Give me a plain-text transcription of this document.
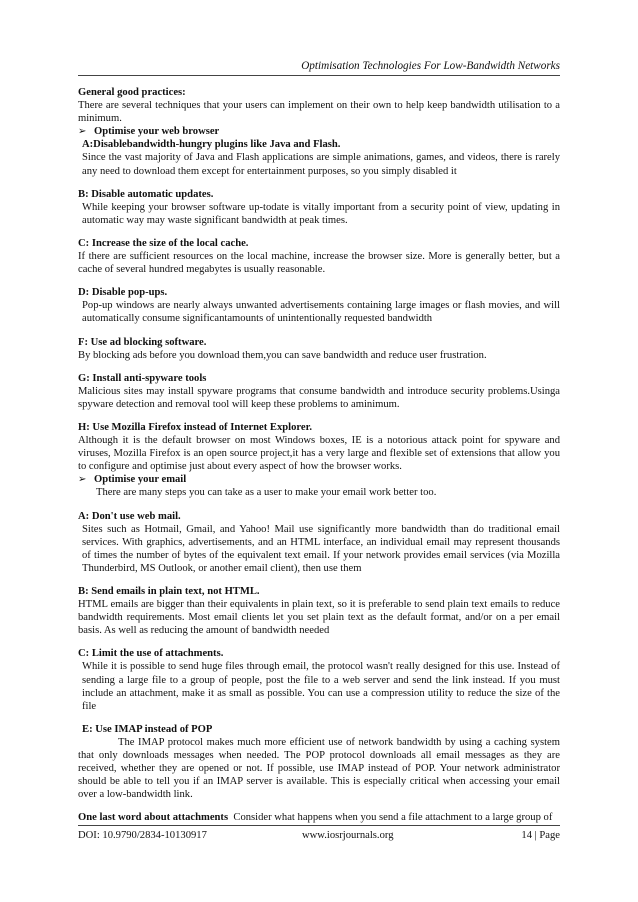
Optimisation Technologies For Low-Bandwidth Networks

General good practices:

There are several techniques that your users can implement on their own to help keep bandwidth utilisation to a minimum.

➢ Optimise your web browser

A:Disablebandwidth-hungry plugins like Java and Flash.

Since the vast majority of Java and Flash applications are simple animations, games, and videos, there is rarely any need to download them except for entertainment purposes, so you simply disabled it

B: Disable automatic updates.

While keeping your browser software up-todate is vitally important from a security point of view, updating in automatic way may waste significant bandwidth at peak times.

C: Increase the size of the local cache.

If there are sufficient resources on the local machine, increase the browser size. More is generally better, but a cache of several hundred megabytes is usually reasonable.

D: Disable pop-ups.

Pop-up windows are nearly always unwanted advertisements containing large images or flash movies, and will automatically consume significantamounts of unintentionally requested bandwidth

F: Use ad blocking software.

By blocking ads before you download them,you can save bandwidth and reduce user frustration.

G: Install anti-spyware tools

Malicious sites may install spyware programs that consume bandwidth and introduce security problems.Usinga spyware detection and removal tool will keep these problems to aminimum.

H: Use Mozilla Firefox instead of Internet Explorer.

Although it is the default browser on most Windows boxes, IE is a notorious attack point for spyware and viruses, Mozilla Firefox is an open source project,it has a very large and flexible set of extensions that allow you to configure and optimise just about every aspect of how the browser works.

➢ Optimise your email

There are many steps you can take as a user to make your email work better too.

A: Don't use web mail.

Sites such as Hotmail, Gmail, and Yahoo! Mail use significantly more bandwidth than do traditional email services. With graphics, advertisements, and an HTML interface, an individual email may represent thousands of times the number of bytes of the equivalent text email. If your network provides email services (via Mozilla Thunderbird, MS Outlook, or another email client), then use them

B: Send emails in plain text, not HTML.

HTML emails are bigger than their equivalents in plain text, so it is preferable to send plain text emails to reduce bandwidth requirements. Most email clients let you set plain text as the default format, and/or on a per email basis. As well as reducing the amount of bandwidth needed

C: Limit the use of attachments.

While it is possible to send huge files through email, the protocol wasn't really designed for this use. Instead of sending a large file to a group of people, post the file to a web server and send the link instead. If you must include an attachment, make it as small as possible. You can use a compression utility to reduce the size of the file

E: Use IMAP instead of POP

The IMAP protocol makes much more efficient use of network bandwidth by using a caching system that only downloads messages when needed. The POP protocol downloads all email messages as they are received, whether they are opened or not. If possible, use IMAP instead of POP. Your network administrator should be able to tell you if an IMAP server is available. This is especially critical when accessing your email over a low-bandwidth link.

One last word about attachments Consider what happens when you send a file attachment to a large group of

DOI: 10.9790/2834-10130917	www.iosrjournals.org	14 | Page
